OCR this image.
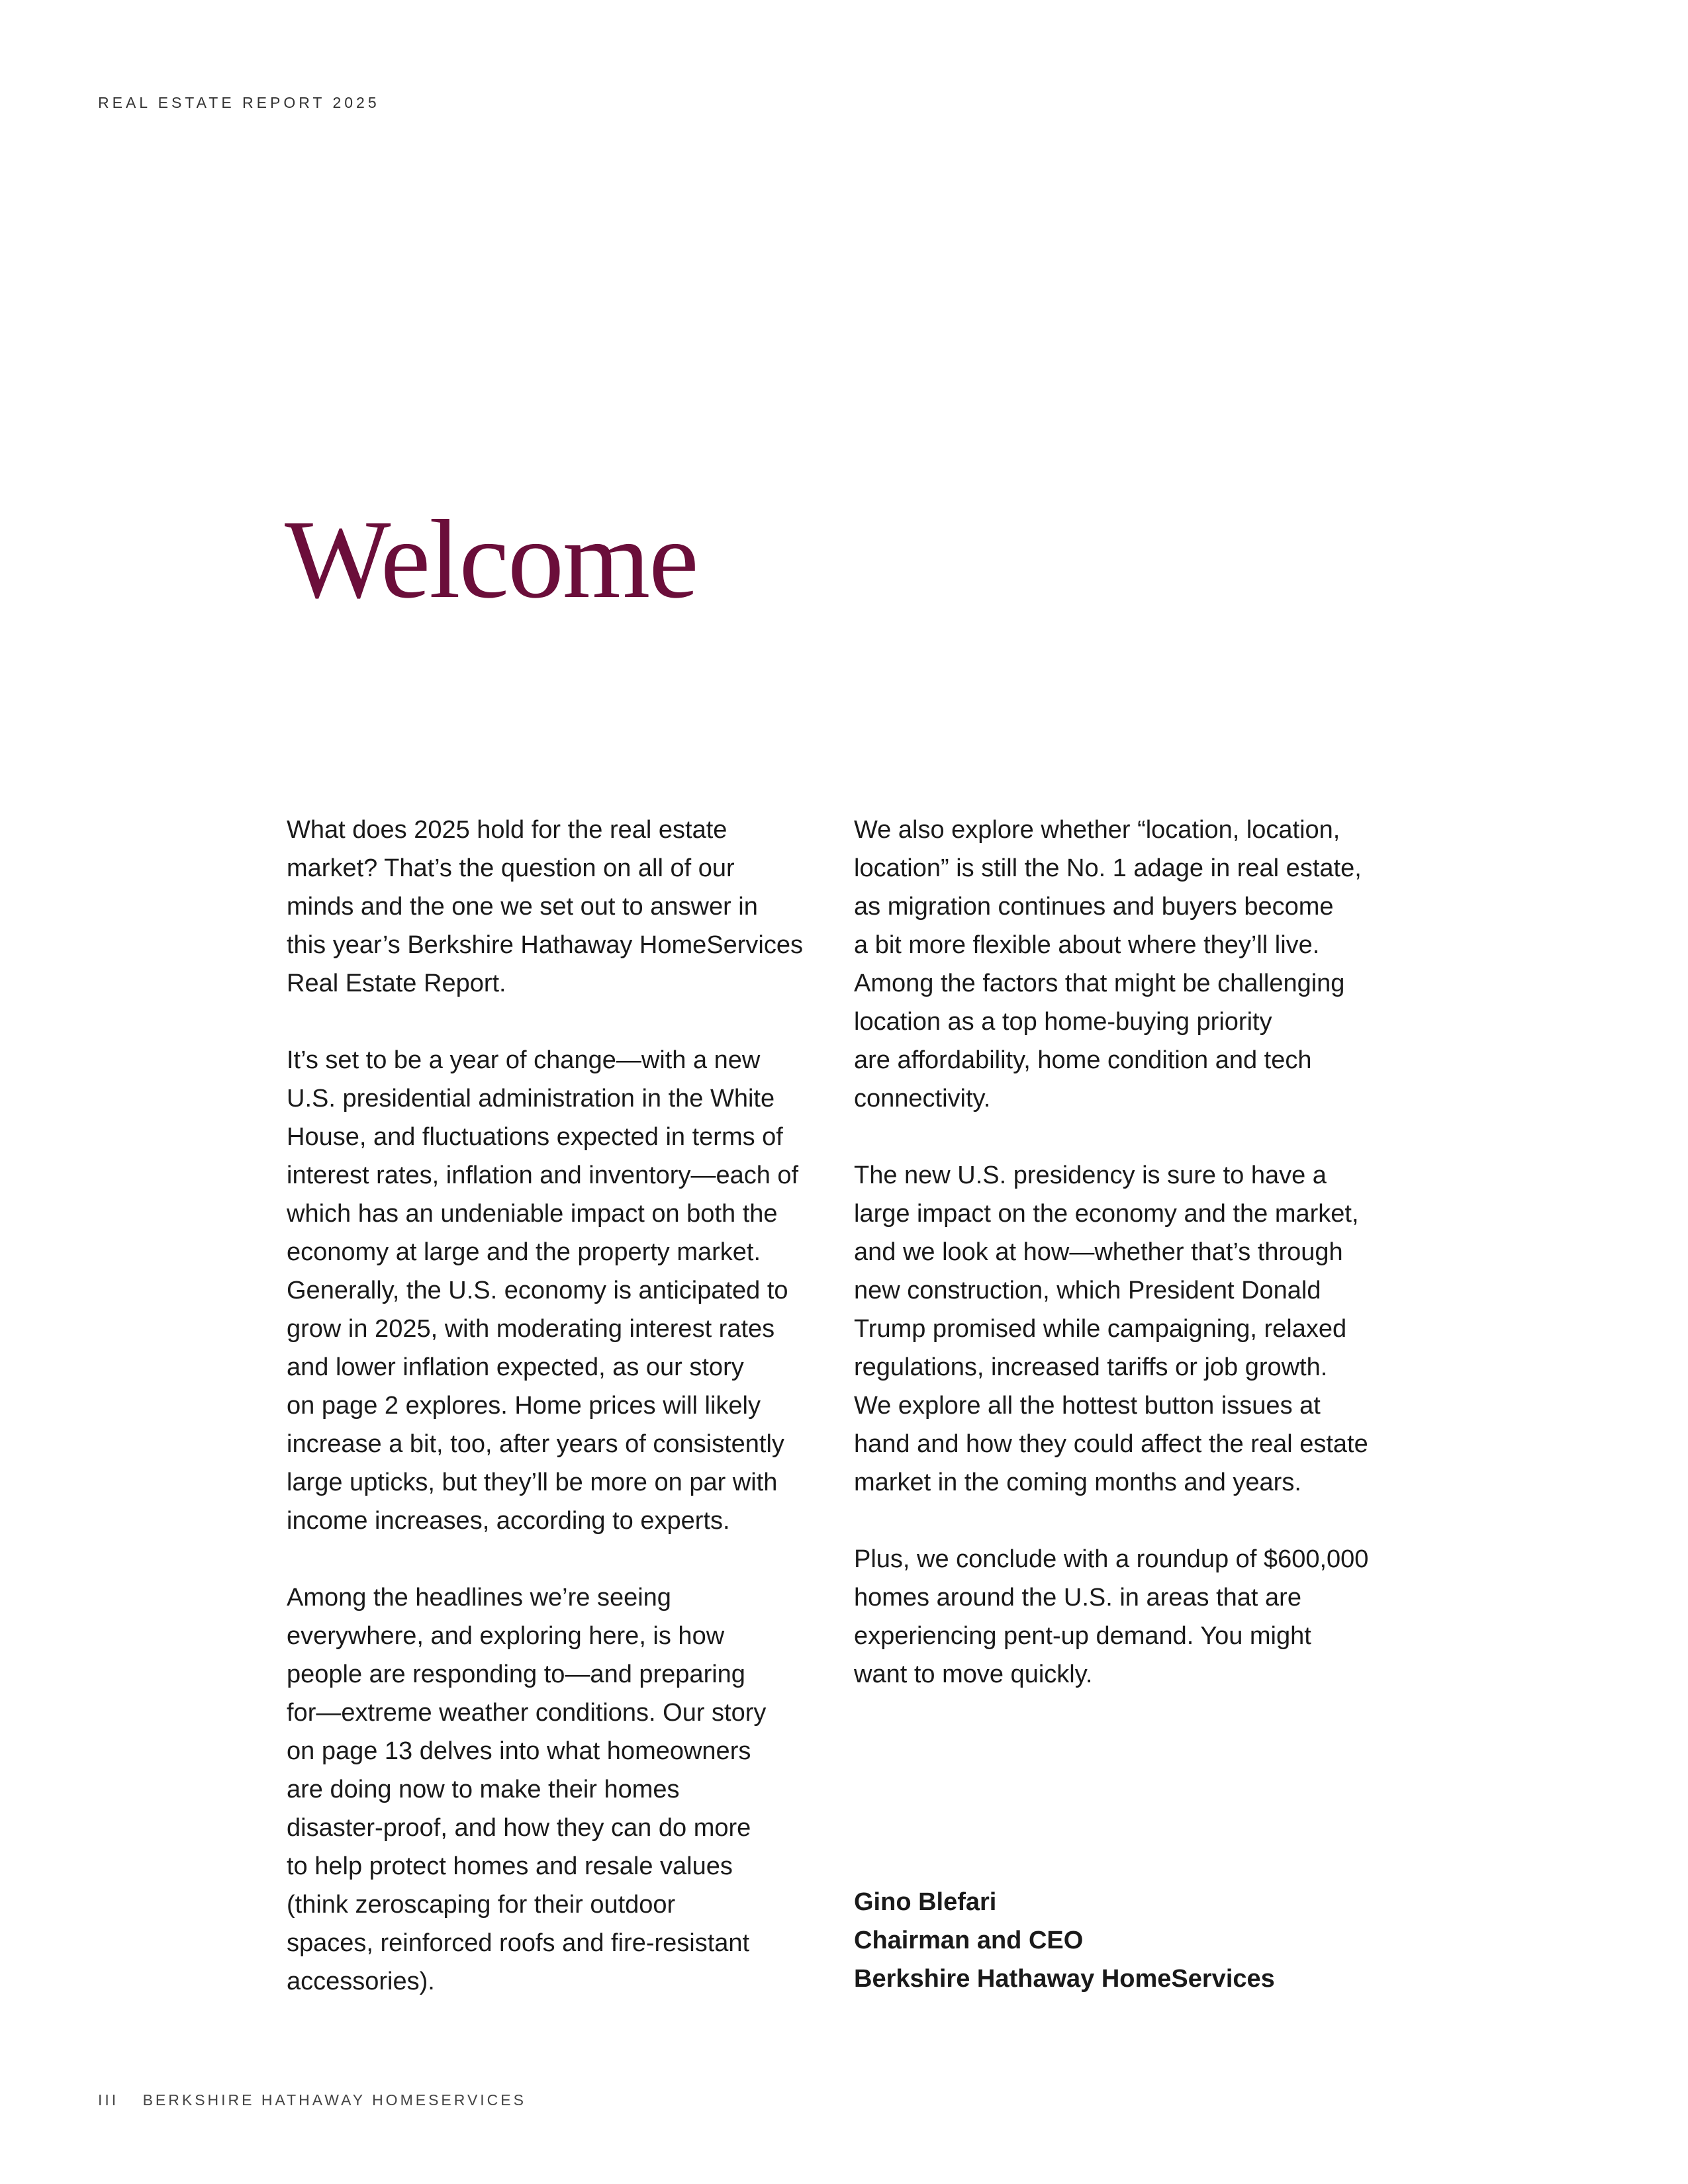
REAL ESTATE REPORT 2025
Welcome

What does 2025 hold for the real estate
market? That’s the question on all of our
minds and the one we set out to answer in
this year’s Berkshire Hathaway HomeServices
Real Estate Report.

It’s set to be a year of change—with a new
U.S. presidential administration in the White
House, and fluctuations expected in terms of
interest rates, inflation and inventory—each of
which has an undeniable impact on both the
economy at large and the property market.
Generally, the U.S. economy is anticipated to
grow in 2025, with moderating interest rates
and lower inflation expected, as our story
on page 2 explores. Home prices will likely
increase a bit, too, after years of consistently
large upticks, but they’ll be more on par with
income increases, according to experts.

Among the headlines we’re seeing
everywhere, and exploring here, is how
people are responding to—and preparing
for—extreme weather conditions. Our story
on page 13 delves into what homeowners
are doing now to make their homes
disaster-proof, and how they can do more
to help protect homes and resale values
(think zeroscaping for their outdoor
spaces, reinforced roofs and fire-resistant
accessories).

We also explore whether “location, location,
location” is still the No. 1 adage in real estate,
as migration continues and buyers become
a bit more flexible about where they’ll live.
Among the factors that might be challenging
location as a top home-buying priority
are affordability, home condition and tech
connectivity.

The new U.S. presidency is sure to have a
large impact on the economy and the market,
and we look at how—whether that’s through
new construction, which President Donald
Trump promised while campaigning, relaxed
regulations, increased tariffs or job growth.
We explore all the hottest button issues at
hand and how they could affect the real estate
market in the coming months and years.

Plus, we conclude with a roundup of $600,000
homes around the U.S. in areas that are
experiencing pent-up demand. You might
want to move quickly.

Gino Blefari
Chairman and CEO
Berkshire Hathaway HomeServices
III BERKSHIRE HATHAWAY HOMESERVICES
